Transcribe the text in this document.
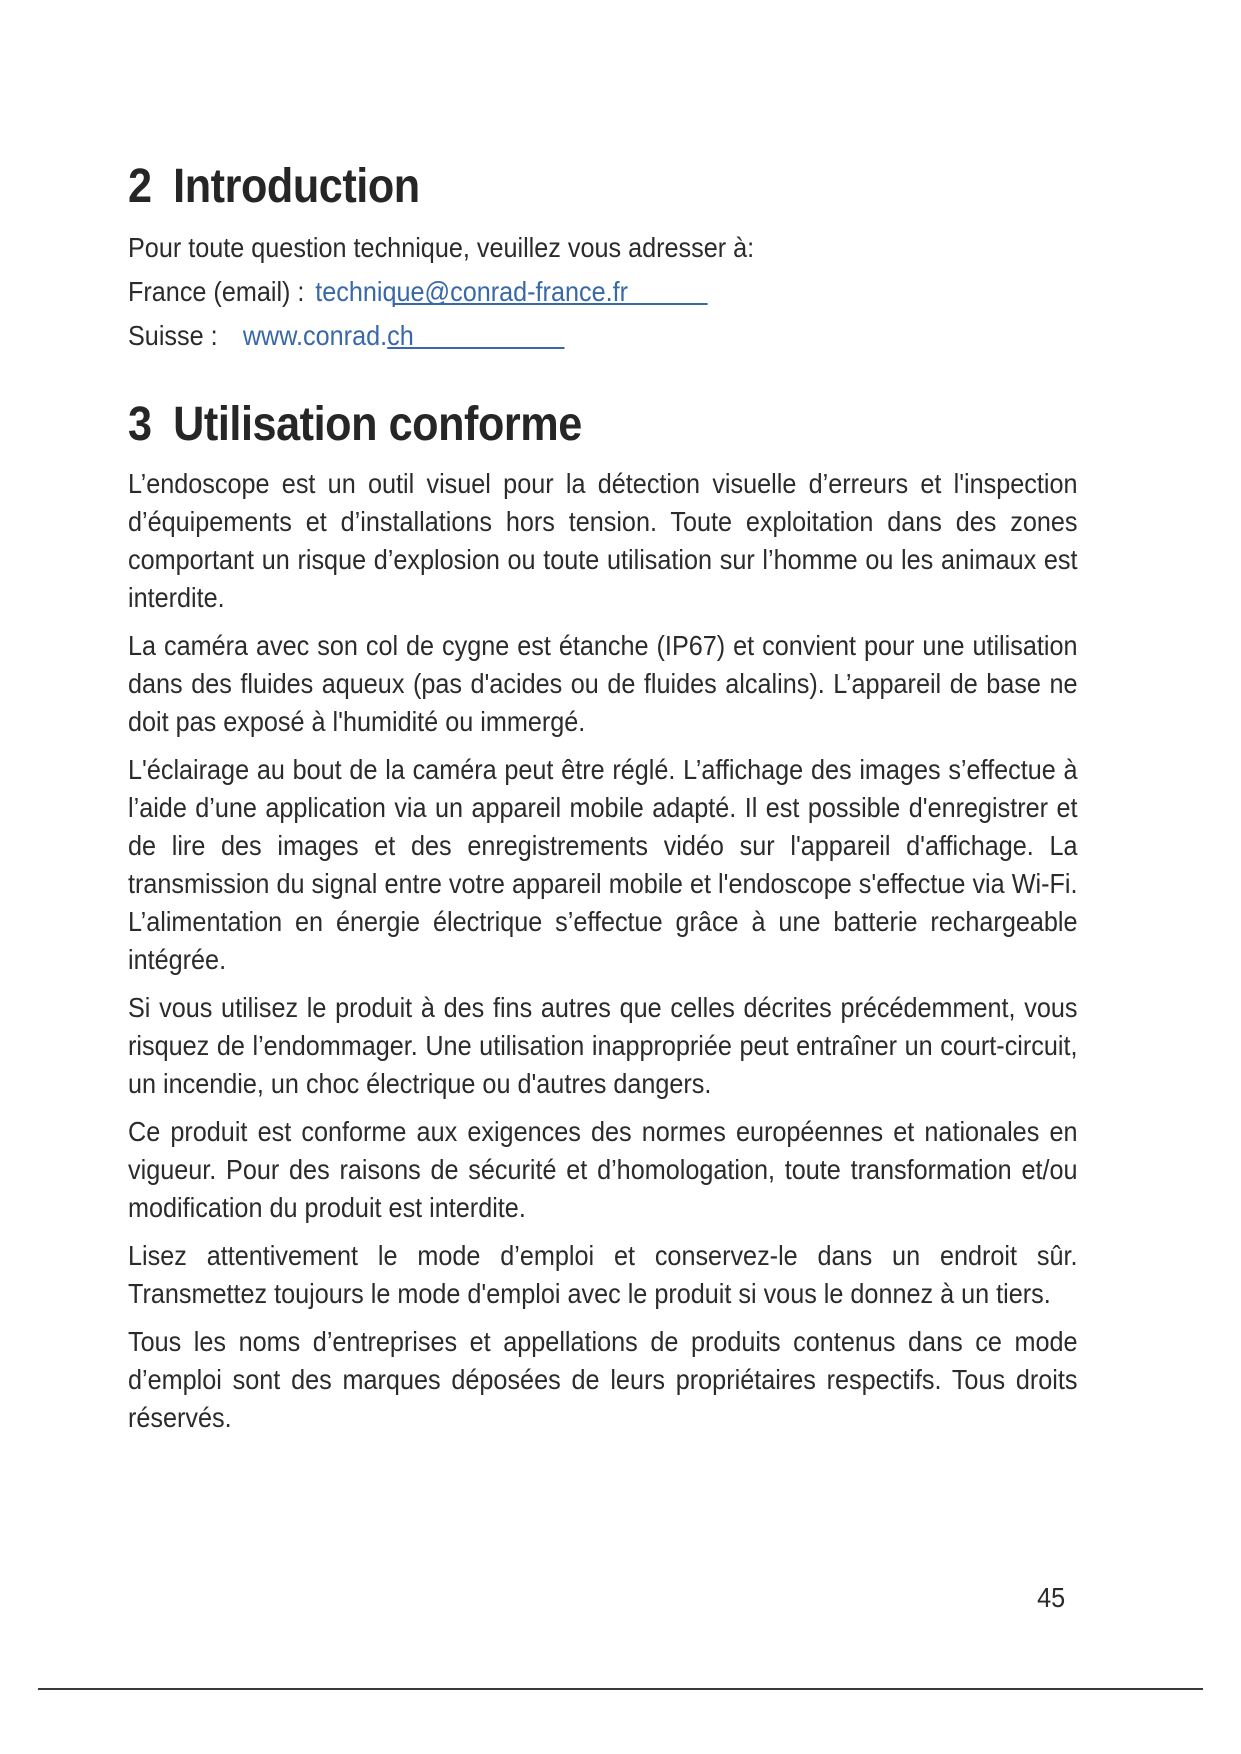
2 Introduction

Pour toute question technique, veuillez vous adresser à:

France (email) : technique@conrad-france.fr

Suisse : www.conrad.ch

3 Utilisation conforme

L’endoscope est un outil visuel pour la détection visuelle d’erreurs et l'inspection d’équipements et d’installations hors tension. Toute exploitation dans des zones comportant un risque d’explosion ou toute utilisation sur l’homme ou les animaux est interdite.

La caméra avec son col de cygne est étanche (IP67) et convient pour une utilisation dans des fluides aqueux (pas d'acides ou de fluides alcalins). L’appareil de base ne doit pas exposé à l'humidité ou immergé.

L'éclairage au bout de la caméra peut être réglé. L’affichage des images s’effectue à l’aide d’une application via un appareil mobile adapté. Il est possible d'enregistrer et de lire des images et des enregistrements vidéo sur l'appareil d'affichage. La transmission du signal entre votre appareil mobile et l'endoscope s'effectue via Wi-Fi. L’alimentation en énergie électrique s’effectue grâce à une batterie rechargeable intégrée.

Si vous utilisez le produit à des fins autres que celles décrites précédemment, vous risquez de l’endommager. Une utilisation inappropriée peut entraîner un court-circuit, un incendie, un choc électrique ou d'autres dangers.

Ce produit est conforme aux exigences des normes européennes et nationales en vigueur. Pour des raisons de sécurité et d’homologation, toute transformation et/ou modification du produit est interdite.

Lisez attentivement le mode d’emploi et conservez-le dans un endroit sûr. Transmettez toujours le mode d'emploi avec le produit si vous le donnez à un tiers.

Tous les noms d’entreprises et appellations de produits contenus dans ce mode d’emploi sont des marques déposées de leurs propriétaires respectifs. Tous droits réservés.

45
